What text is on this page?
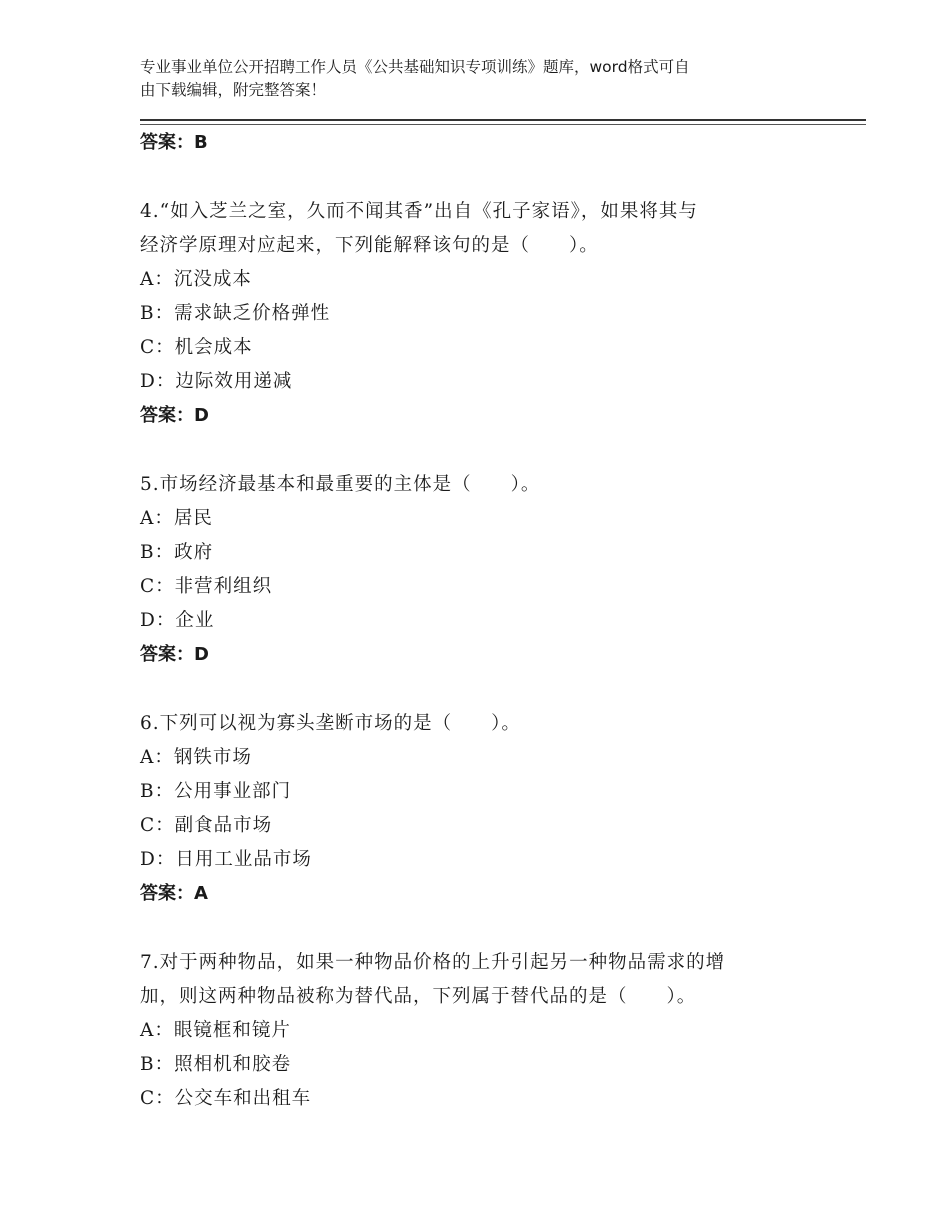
专业事业单位公开招聘工作人员《公共基础知识专项训练》题库，word格式可自
由下载编辑，附完整答案！
答案：B
4.“如入芝兰之室，久而不闻其香”出自《孔子家语》，如果将其与
经济学原理对应起来，下列能解释该句的是（　　）。
A：沉没成本
B：需求缺乏价格弹性
C：机会成本
D：边际效用递减
答案：D
5.市场经济最基本和最重要的主体是（　　）。
A：居民
B：政府
C：非营利组织
D：企业
答案：D
6.下列可以视为寡头垄断市场的是（　　）。
A：钢铁市场
B：公用事业部门
C：副食品市场
D：日用工业品市场
答案：A
7.对于两种物品，如果一种物品价格的上升引起另一种物品需求的增
加，则这两种物品被称为替代品，下列属于替代品的是（　　）。
A：眼镜框和镜片
B：照相机和胶卷
C：公交车和出租车
